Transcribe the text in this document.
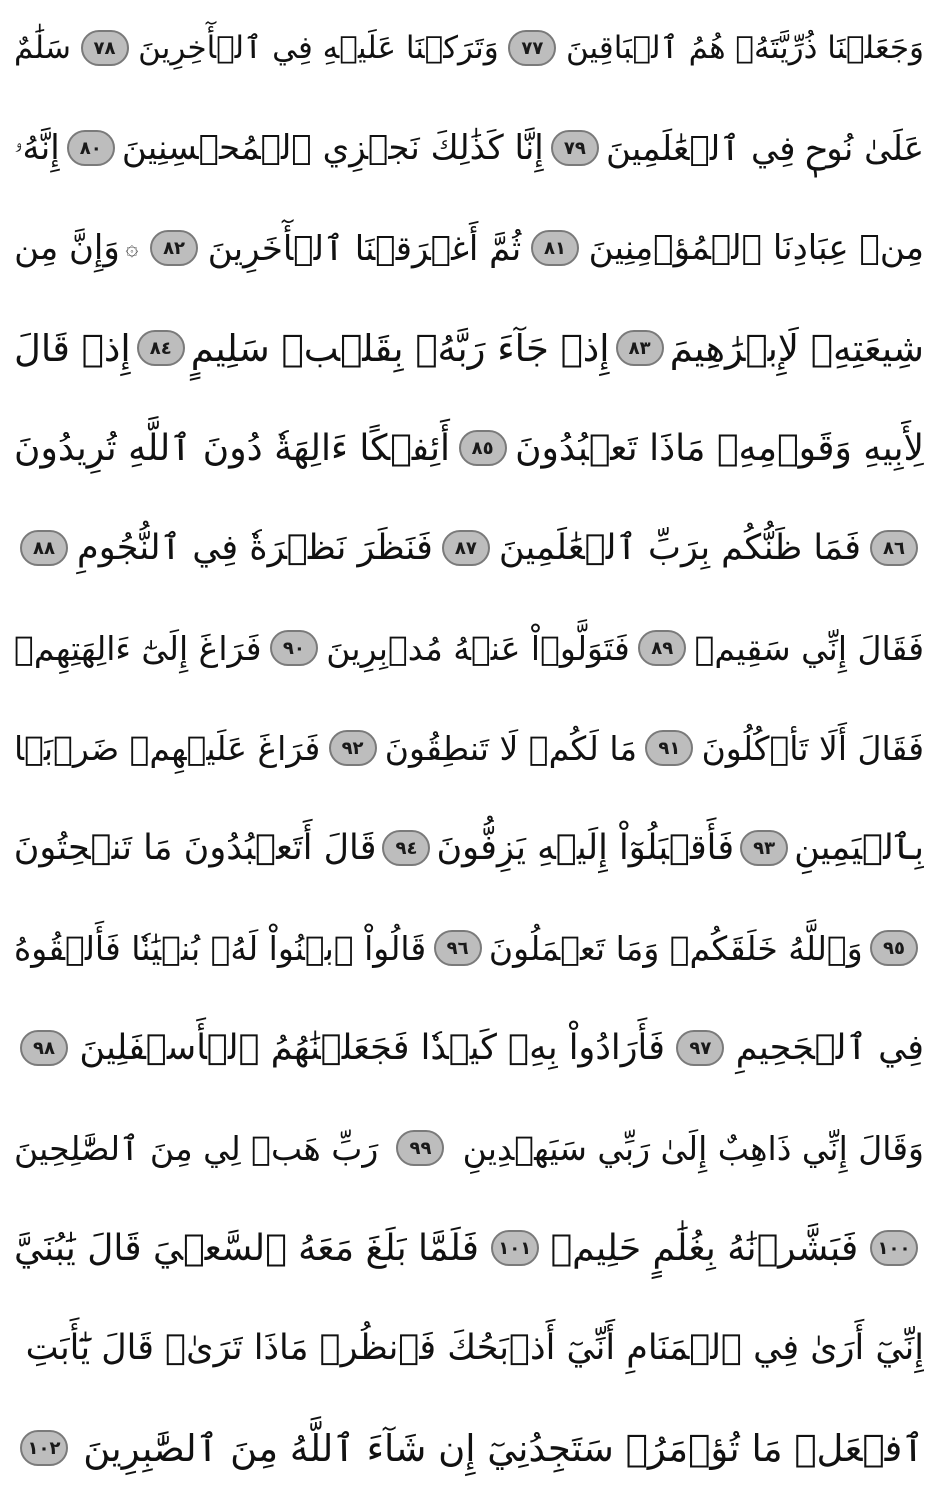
وَجَعَلۡنَا ذُرِّيَّتَهُۥ هُمُ ٱلۡبَاقِينَ
٧٧
وَتَرَكۡنَا عَلَيۡهِ فِي ٱلۡأٓخِرِينَ
٧٨
سَلَٰمٌ
عَلَىٰ نُوحٖ فِي ٱلۡعَٰلَمِينَ
٧٩
إِنَّا كَذَٰلِكَ نَجۡزِي ٱلۡمُحۡسِنِينَ
٨٠
إِنَّهُۥ
مِنۡ عِبَادِنَا ٱلۡمُؤۡمِنِينَ
٨١
ثُمَّ أَغۡرَقۡنَا ٱلۡأٓخَرِينَ
٨٢
۞
وَإِنَّ مِن
شِيعَتِهِۦ لَإِبۡرَٰهِيمَ
٨٣
إِذۡ جَآءَ رَبَّهُۥ بِقَلۡبٖ سَلِيمٍ
٨٤
إِذۡ قَالَ
لِأَبِيهِ وَقَوۡمِهِۦ مَاذَا تَعۡبُدُونَ
٨٥
أَئِفۡكًا ءَالِهَةٗ دُونَ ٱللَّهِ تُرِيدُونَ
٨٦
فَمَا ظَنُّكُم بِرَبِّ ٱلۡعَٰلَمِينَ
٨٧
فَنَظَرَ نَظۡرَةٗ فِي ٱلنُّجُومِ
٨٨
فَقَالَ إِنِّي سَقِيمٞ
٨٩
فَتَوَلَّوۡاْ عَنۡهُ مُدۡبِرِينَ
٩٠
فَرَاغَ إِلَىٰٓ ءَالِهَتِهِمۡ
فَقَالَ أَلَا تَأۡكُلُونَ
٩١
مَا لَكُمۡ لَا تَنطِقُونَ
٩٢
فَرَاغَ عَلَيۡهِمۡ ضَرۡبَۢا
بِٱلۡيَمِينِ
٩٣
فَأَقۡبَلُوٓاْ إِلَيۡهِ يَزِفُّونَ
٩٤
قَالَ أَتَعۡبُدُونَ مَا تَنۡحِتُونَ
٩٥
وَٱللَّهُ خَلَقَكُمۡ وَمَا تَعۡمَلُونَ
٩٦
قَالُواْ ٱبۡنُواْ لَهُۥ بُنۡيَٰنٗا فَأَلۡقُوهُ
فِي ٱلۡجَحِيمِ
٩٧
فَأَرَادُواْ بِهِۦ كَيۡدٗا فَجَعَلۡنَٰهُمُ ٱلۡأَسۡفَلِينَ
٩٨
وَقَالَ إِنِّي ذَاهِبٌ إِلَىٰ رَبِّي سَيَهۡدِينِ
٩٩
رَبِّ هَبۡ لِي مِنَ ٱلصَّٰلِحِينَ
١٠٠
فَبَشَّرۡنَٰهُ بِغُلَٰمٍ حَلِيمٖ
١٠١
فَلَمَّا بَلَغَ مَعَهُ ٱلسَّعۡيَ قَالَ يَٰبُنَيَّ
إِنِّيٓ أَرَىٰ فِي ٱلۡمَنَامِ أَنِّيٓ أَذۡبَحُكَ فَٱنظُرۡ مَاذَا تَرَىٰۚ قَالَ يَٰٓأَبَتِ
ٱفۡعَلۡ مَا تُؤۡمَرُۖ سَتَجِدُنِيٓ إِن شَآءَ ٱللَّهُ مِنَ ٱلصَّٰبِرِينَ
١٠٢
